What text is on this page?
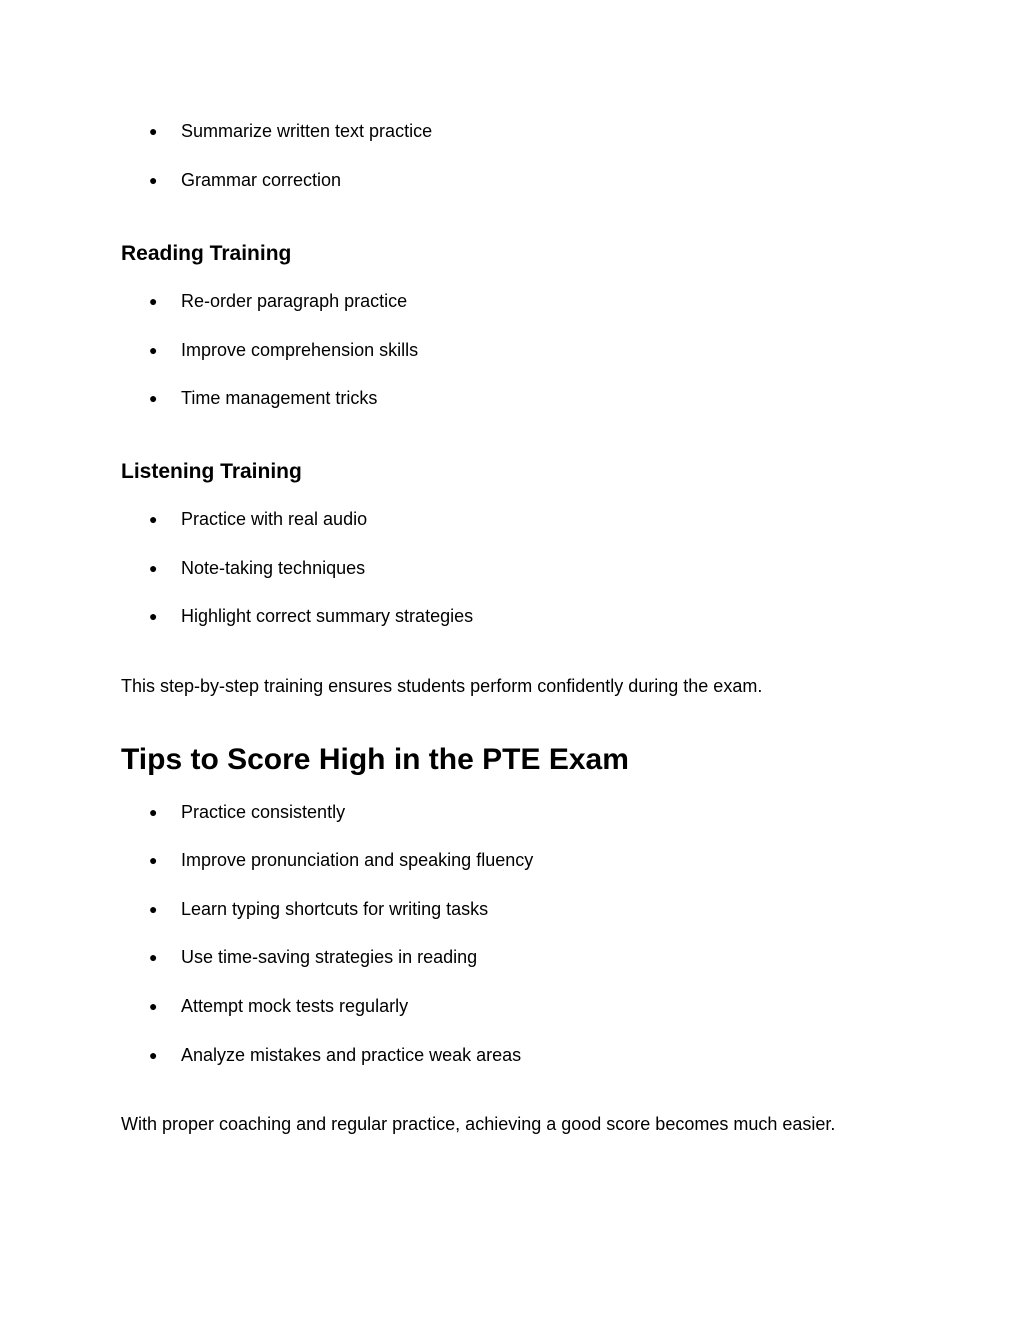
● Summarize written text practice
● Grammar correction
Reading Training
● Re-order paragraph practice
● Improve comprehension skills
● Time management tricks
Listening Training
● Practice with real audio
● Note-taking techniques
● Highlight correct summary strategies

This step-by-step training ensures students perform confidently during the exam.

Tips to Score High in the PTE Exam
● Practice consistently
● Improve pronunciation and speaking fluency
● Learn typing shortcuts for writing tasks
● Use time-saving strategies in reading
● Attempt mock tests regularly
● Analyze mistakes and practice weak areas

With proper coaching and regular practice, achieving a good score becomes much easier.
